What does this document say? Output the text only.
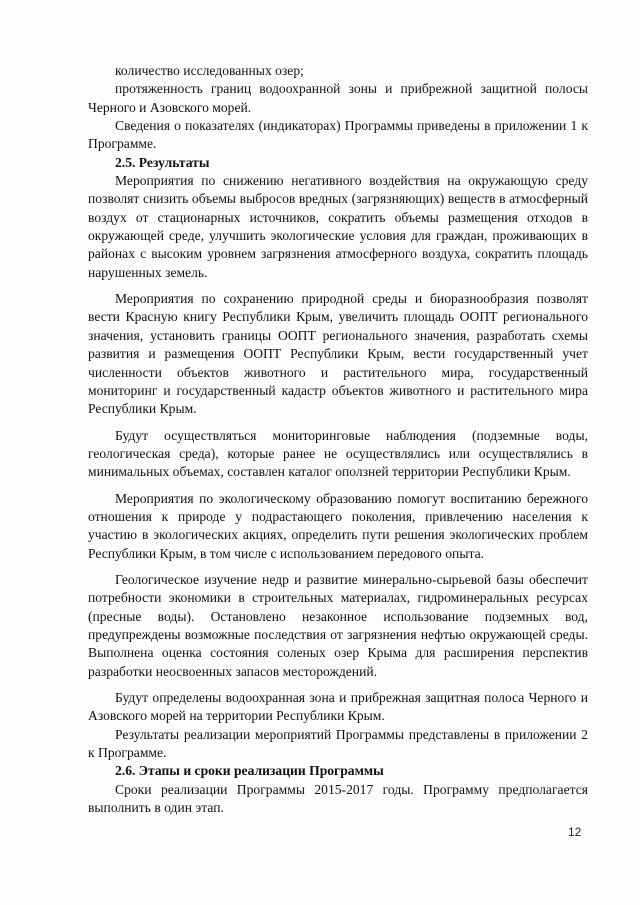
количество исследованных озер;

протяженность границ водоохранной зоны и прибрежной защитной полосы Черного и Азовского морей.

Сведения о показателях (индикаторах) Программы приведены в приложении 1 к Программе.

2.5. Результаты

Мероприятия по снижению негативного воздействия на окружающую среду позволят снизить объемы выбросов вредных (загрязняющих) веществ в атмосферный воздух от стационарных источников, сократить объемы размещения отходов в окружающей среде, улучшить экологические условия для граждан, проживающих в районах с высоким уровнем загрязнения атмосферного воздуха, сократить площадь нарушенных земель.

Мероприятия по сохранению природной среды и биоразнообразия позволят вести Красную книгу Республики Крым, увеличить площадь ООПТ регионального значения, установить границы ООПТ регионального значения, разработать схемы развития и размещения ООПТ Республики Крым, вести государственный учет численности объектов животного и растительного мира, государственный мониторинг и государственный кадастр объектов животного и растительного мира Республики Крым.

Будут осуществляться мониторинговые наблюдения (подземные воды, геологическая среда), которые ранее не осуществлялись или осуществлялись в минимальных объемах, составлен каталог оползней территории Республики Крым.

Мероприятия по экологическому образованию помогут воспитанию бережного отношения к природе у подрастающего поколения, привлечению населения к участию в экологических акциях, определить пути решения экологических проблем Республики Крым, в том числе с использованием передового опыта.

Геологическое изучение недр и развитие минерально-сырьевой базы обеспечит потребности экономики в строительных материалах, гидроминеральных ресурсах (пресные воды). Остановлено незаконное использование подземных вод, предупреждены возможные последствия от загрязнения нефтью окружающей среды. Выполнена оценка состояния соленых озер Крыма для расширения перспектив разработки неосвоенных запасов месторождений.

Будут определены водоохранная зона и прибрежная защитная полоса Черного и Азовского морей на территории Республики Крым.

Результаты реализации мероприятий Программы представлены в приложении 2 к Программе.

2.6. Этапы и сроки реализации Программы

Сроки реализации Программы 2015-2017 годы. Программу предполагается выполнить в один этап.

12
